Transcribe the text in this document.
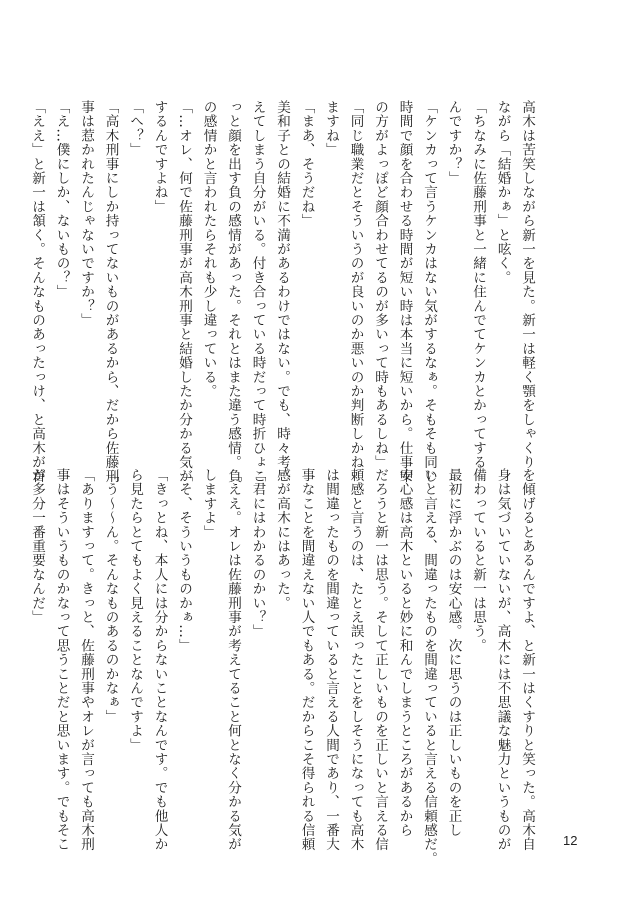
高木は苦笑しながら新一を見た。新一は軽く顎をしゃくり
ながら「結婚かぁ」と呟く。
「ちなみに佐藤刑事と一緒に住んでてケンカとかってする
んですか？」
「ケンカって言うケンカはない気がするなぁ。そもそも同じ
時間で顔を合わせる時間が短い時は本当に短いから。仕事中
の方がよっぽど顔合わせてるのが多いって時もあるしね」
「同じ職業だとそういうのが良いのか悪いのか判断しかね
ますね」
「まあ、そうだね」
美和子との結婚に不満があるわけではない。でも、時々考
えてしまう自分がいる。付き合っている時だって時折ひょこ
っと顔を出す負の感情があった。それとはまた違う感情。負
の感情かと言われたらそれも少し違っている。
「…オレ、何で佐藤刑事が高木刑事と結婚したか分かる気が
するんですよね」
「へ？」
「高木刑事にしか持ってないものがあるから、だから佐藤刑
事は惹かれたんじゃないですか？」
「え…僕にしか、ないもの？」
「ええ」と新一は頷く。そんなものあったっけ、と高木が首
を傾げるとあるんですよ、と新一はくすりと笑った。高木自
身は気づいていないが、高木には不思議な魅力というものが
備わっていると新一は思う。
最初に浮かぶのは安心感。次に思うのは正しいものを正し
いと言える、間違ったものを間違っていると言える信頼感だ。
安心感は高木といると妙に和んでしまうところがあるから
だろうと新一は思う。そして正しいものを正しいと言える信
頼感と言うのは、たとえ誤ったことをしそうになっても高木
は間違ったものを間違っていると言える人間であり、一番大
事なことを間違えない人でもある。だからこそ得られる信頼
感が高木にはあった。
「君にはわかるのかい？」
「ええ。オレは佐藤刑事が考えてること何となく分かる気が
しますよ」
「そ、そういうものかぁ…」
「きっとね、本人には分からないことなんです。でも他人か
ら見たらとてもよく見えることなんですよ」
「う～～ん。そんなものあるのかなぁ」
「ありますって。きっと、佐藤刑事やオレが言っても高木刑
事はそういうものかなって思うことだと思います。でもそこ
が多分一番重要なんだ」
12
